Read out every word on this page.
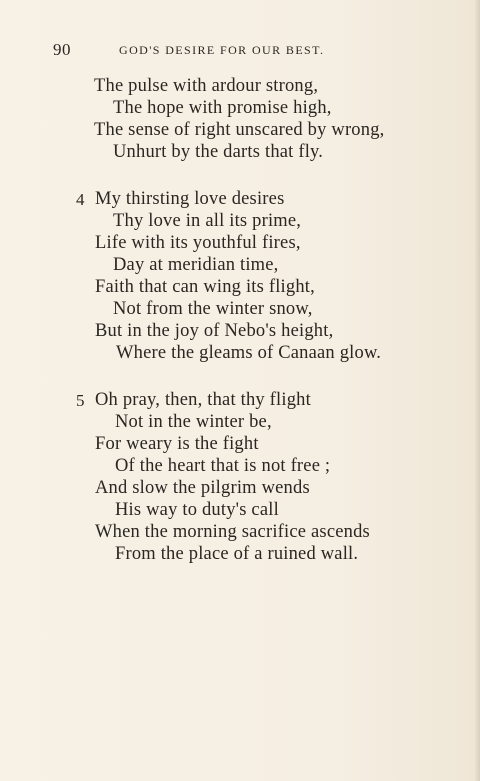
90	GOD'S DESIRE FOR OUR BEST.
The pulse with ardour strong,
The hope with promise high,
The sense of right unscared by wrong,
Unhurt by the darts that fly.
4 My thirsting love desires
Thy love in all its prime,
Life with its youthful fires,
Day at meridian time,
Faith that can wing its flight,
Not from the winter snow,
But in the joy of Nebo's height,
Where the gleams of Canaan glow.
5 Oh pray, then, that thy flight
Not in the winter be,
For weary is the fight
Of the heart that is not free ;
And slow the pilgrim wends
His way to duty's call
When the morning sacrifice ascends
From the place of a ruined wall.
